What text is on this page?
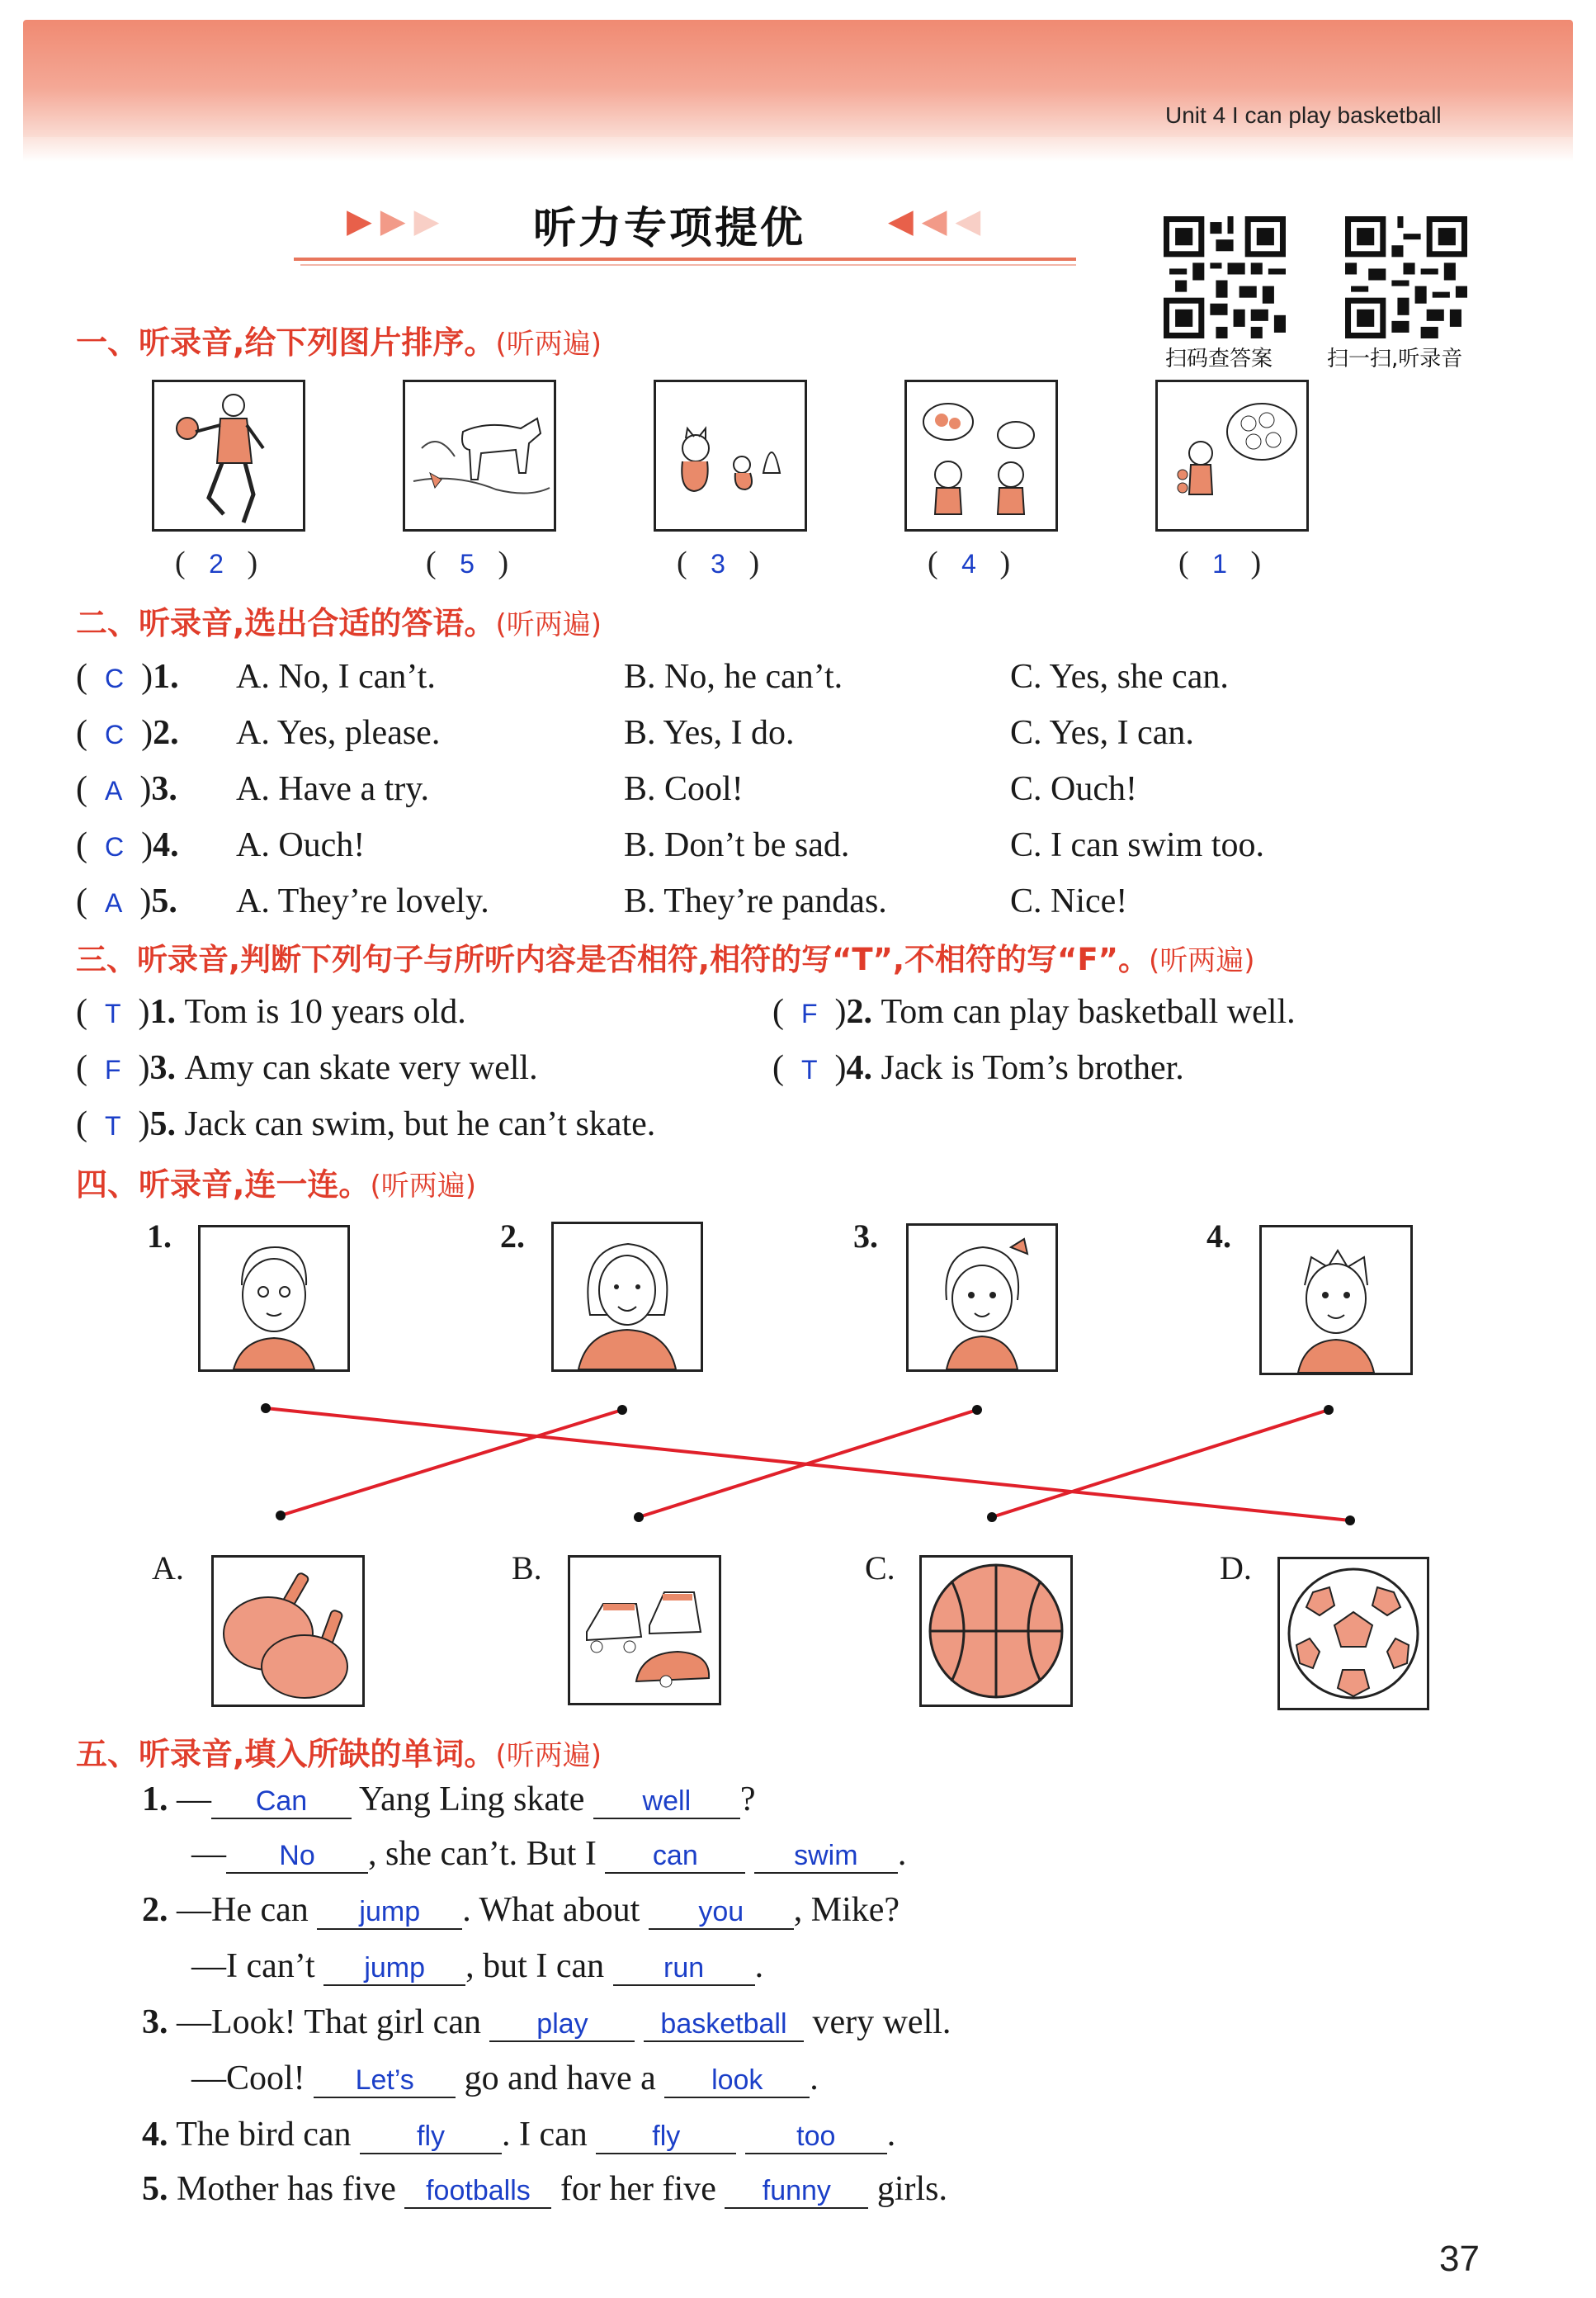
Unit 4 I can play basketball
▶ ▶ ▶ 听力专项提优 ◀ ◀ ◀
扫码查答案	扫一扫,听录音
一、听录音,给下列图片排序。(听两遍)
(   2   )	(   5   )	(   3   )	(   4   )	(   1   )
二、听录音,选出合适的答语。(听两遍)
(  C  )1. A. No, I can’t.	B. No, he can’t.	C. Yes, she can.
(  C  )2. A. Yes, please.	B. Yes, I do.	C. Yes, I can.
(  A  )3. A. Have a try.	B. Cool!	C. Ouch!
(  C  )4. A. Ouch!	B. Don’t be sad.	C. I can swim too.
(  A  )5. A. They’re lovely.	B. They’re pandas.	C. Nice!
三、听录音,判断下列句子与所听内容是否相符,相符的写“T”,不相符的写“F”。(听两遍)
(  T  )1. Tom is 10 years old.	(  F  )2. Tom can play basketball well.
(  F  )3. Amy can skate very well.	(  T  )4. Jack is Tom’s brother.
(  T  )5. Jack can swim, but he can’t skate.
四、听录音,连一连。(听两遍)
1.	2.	3.	4.
A.	B.	C.	D.
五、听录音,填入所缺的单词。(听两遍)
1. — Can Yang Ling skate well ?
— No , she can’t. But I can	swim .
2. —He can jump . What about you , Mike?
—I can’t jump , but I can run .
3. —Look! That girl can play	basketball very well.
—Cool! Let’s go and have a look .
4. The bird can fly . I can fly	too .
5. Mother has five footballs for her five funny girls.
37
